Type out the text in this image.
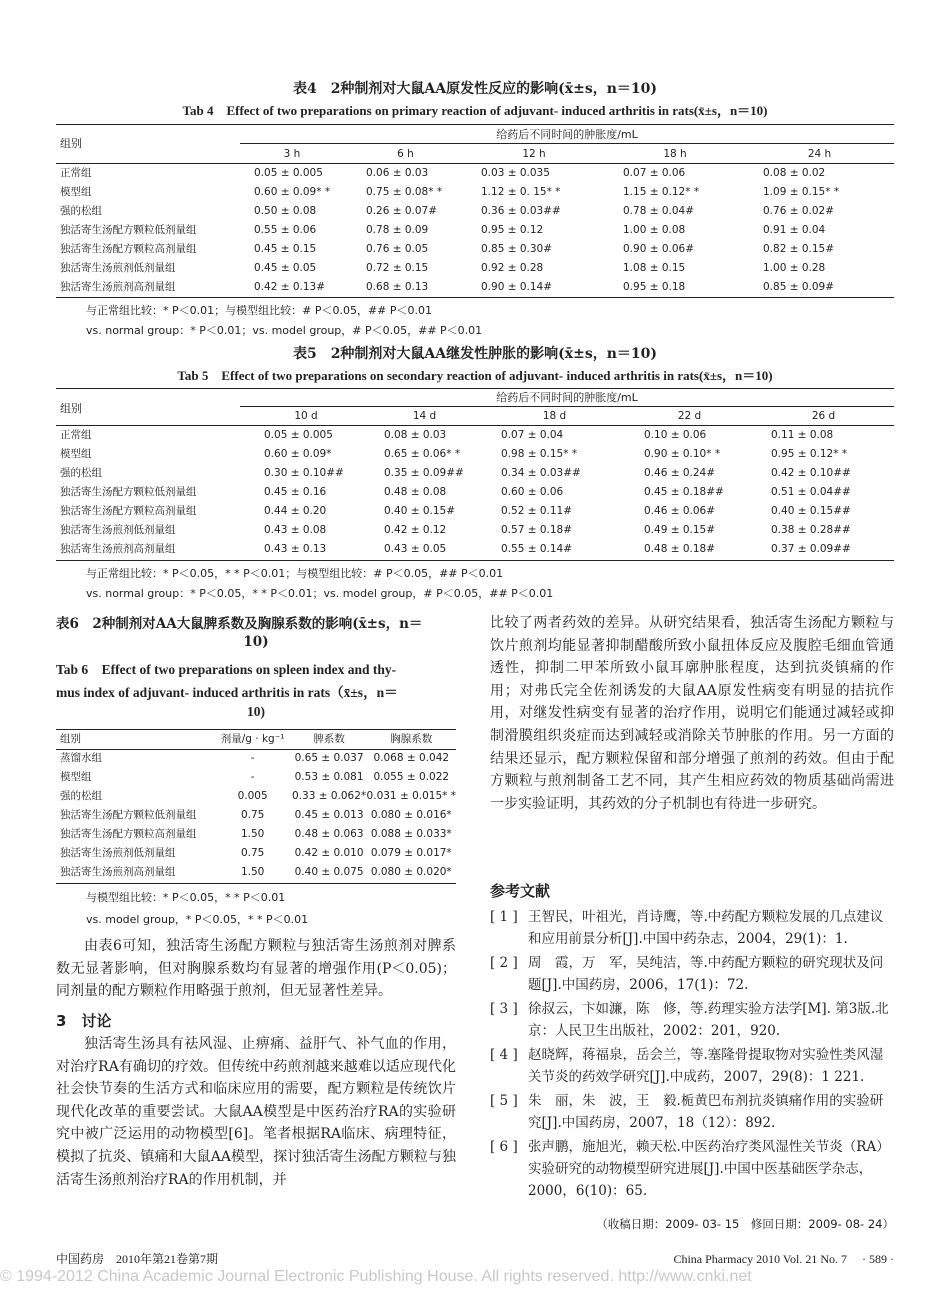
表4　2种制剂对大鼠AA原发性反应的影响(x̄±s，n＝10)
Tab 4　Effect of two preparations on primary reaction of adjuvant- induced arthritis in rats(x̄±s，n＝10)
组别
给药后不同时间的肿胀度/mL
	3 h	6 h	12 h	18 h	24 h
正常组	0.05 ± 0.005	0.06 ± 0.03	0.03 ± 0.035	0.07 ± 0.06	0.08 ± 0.02
模型组	0.60 ± 0.09* *	0.75 ± 0.08* *	1.12 ± 0. 15* *	1.15 ± 0.12* *	1.09 ± 0.15* *
强的松组	0.50 ± 0.08	0.26 ± 0.07#	0.36 ± 0.03##	0.78 ± 0.04#	0.76 ± 0.02#
独活寄生汤配方颗粒低剂量组	0.55 ± 0.06	0.78 ± 0.09	0.95 ± 0.12	1.00 ± 0.08	0.91 ± 0.04
独活寄生汤配方颗粒高剂量组	0.45 ± 0.15	0.76 ± 0.05	0.85 ± 0.30#	0.90 ± 0.06#	0.82 ± 0.15#
独活寄生汤煎剂低剂量组	0.45 ± 0.05	0.72 ± 0.15	0.92 ± 0.28	1.08 ± 0.15	1.00 ± 0.28
独活寄生汤煎剂高剂量组	0.42 ± 0.13#	0.68 ± 0.13	0.90 ± 0.14#	0.95 ± 0.18	0.85 ± 0.09#
与正常组比较：* P＜0.01；与模型组比较：# P＜0.05，## P＜0.01
vs. normal group：* P＜0.01；vs. model group，# P＜0.05，## P＜0.01
表5　2种制剂对大鼠AA继发性肿胀的影响(x̄±s，n＝10)
Tab 5　Effect of two preparations on secondary reaction of adjuvant- induced arthritis in rats(x̄±s，n＝10)
组别
给药后不同时间的肿胀度/mL
	10 d	14 d	18 d	22 d	26 d
正常组	0.05 ± 0.005	0.08 ± 0.03	0.07 ± 0.04	0.10 ± 0.06	0.11 ± 0.08
模型组	0.60 ± 0.09*	0.65 ± 0.06* *	0.98 ± 0.15* *	0.90 ± 0.10* *	0.95 ± 0.12* *
强的松组	0.30 ± 0.10##	0.35 ± 0.09##	0.34 ± 0.03##	0.46 ± 0.24#	0.42 ± 0.10##
独活寄生汤配方颗粒低剂量组	0.45 ± 0.16	0.48 ± 0.08	0.60 ± 0.06	0.45 ± 0.18##	0.51 ± 0.04##
独活寄生汤配方颗粒高剂量组	0.44 ± 0.20	0.40 ± 0.15#	0.52 ± 0.11#	0.46 ± 0.06#	0.40 ± 0.15##
独活寄生汤煎剂低剂量组	0.43 ± 0.08	0.42 ± 0.12	0.57 ± 0.18#	0.49 ± 0.15#	0.38 ± 0.28##
独活寄生汤煎剂高剂量组	0.43 ± 0.13	0.43 ± 0.05	0.55 ± 0.14#	0.48 ± 0.18#	0.37 ± 0.09##
与正常组比较：* P＜0.05，* * P＜0.01；与模型组比较：# P＜0.05，## P＜0.01
vs. normal group：* P＜0.05，* * P＜0.01；vs. model group，# P＜0.05，## P＜0.01
表6　2种制剂对AA大鼠脾系数及胸腺系数的影响(x̄±s，n＝
10)
Tab 6　Effect of two preparations on spleen index and thy-
mus index of adjuvant- induced arthritis in rats（x̄±s，n＝
10)
组别	剂量/g · kg⁻¹	脾系数	胸腺系数
蒸馏水组	-	0.65 ± 0.037	0.068 ± 0.042
模型组	-	0.53 ± 0.081	0.055 ± 0.022
强的松组	0.005	0.33 ± 0.062*	0.031 ± 0.015* *
独活寄生汤配方颗粒低剂量组	0.75	0.45 ± 0.013	0.080 ± 0.016*
独活寄生汤配方颗粒高剂量组	1.50	0.48 ± 0.063	0.088 ± 0.033*
独活寄生汤煎剂低剂量组	0.75	0.42 ± 0.010	0.079 ± 0.017*
独活寄生汤煎剂高剂量组	1.50	0.40 ± 0.075	0.080 ± 0.020*
与模型组比较：* P＜0.05，* * P＜0.01
vs. model group，* P＜0.05，* * P＜0.01

由表6可知，独活寄生汤配方颗粒与独活寄生汤煎剂对脾系数无显著影响，但对胸腺系数均有显著的增强作用(P＜0.05)；同剂量的配方颗粒作用略强于煎剂，但无显著性差异。

3　讨论

独活寄生汤具有祛风湿、止痹痛、益肝气、补气血的作用，对治疗RA有确切的疗效。但传统中药煎剂越来越难以适应现代化社会快节奏的生活方式和临床应用的需要，配方颗粒是传统饮片现代化改革的重要尝试。大鼠AA模型是中医药治疗RA的实验研究中被广泛运用的动物模型[6]。笔者根据RA临床、病理特征，模拟了抗炎、镇痛和大鼠AA模型，探讨独活寄生汤配方颗粒与独活寄生汤煎剂治疗RA的作用机制，并

比较了两者药效的差异。从研究结果看，独活寄生汤配方颗粒与饮片煎剂均能显著抑制醋酸所致小鼠扭体反应及腹腔毛细血管通透性，抑制二甲苯所致小鼠耳廓肿胀程度，达到抗炎镇痛的作用；对弗氏完全佐剂诱发的大鼠AA原发性病变有明显的拮抗作用，对继发性病变有显著的治疗作用，说明它们能通过减轻或抑制滑膜组织炎症而达到减轻或消除关节肿胀的作用。另一方面的结果还显示，配方颗粒保留和部分增强了煎剂的药效。但由于配方颗粒与煎剂制备工艺不同，其产生相应药效的物质基础尚需进一步实验证明，其药效的分子机制也有待进一步研究。

参考文献
[ 1 ] 王智民，叶祖光，肖诗鹰，等.中药配方颗粒发展的几点建议和应用前景分析[J].中国中药杂志，2004，29(1)：1.
[ 2 ] 周　霞，万　军，吴纯洁，等.中药配方颗粒的研究现状及问题[J].中国药房，2006，17(1)：72.
[ 3 ] 徐叔云，卞如濂，陈　修，等.药理实验方法学[M]. 第3版.北京：人民卫生出版社，2002：201，920.
[ 4 ] 赵晓辉，蒋福泉，岳会兰，等.塞隆骨提取物对实验性类风湿关节炎的药效学研究[J].中成药，2007，29(8)：1 221.
[ 5 ] 朱　丽，朱　波，王　毅.栀黄巴布剂抗炎镇痛作用的实验研究[J].中国药房，2007，18（12）：892.
[ 6 ] 张声鹏，施旭光，赖天松.中医药治疗类风湿性关节炎（RA）实验研究的动物模型研究进展[J].中国中医基础医学杂志，2000，6(10)：65.
（收稿日期：2009- 03- 15　修回日期：2009- 08- 24）
中国药房　2010年第21卷第7期	China Pharmacy 2010 Vol. 21 No. 7　 · 589 ·
© 1994-2012 China Academic Journal Electronic Publishing House. All rights reserved. http://www.cnki.net
